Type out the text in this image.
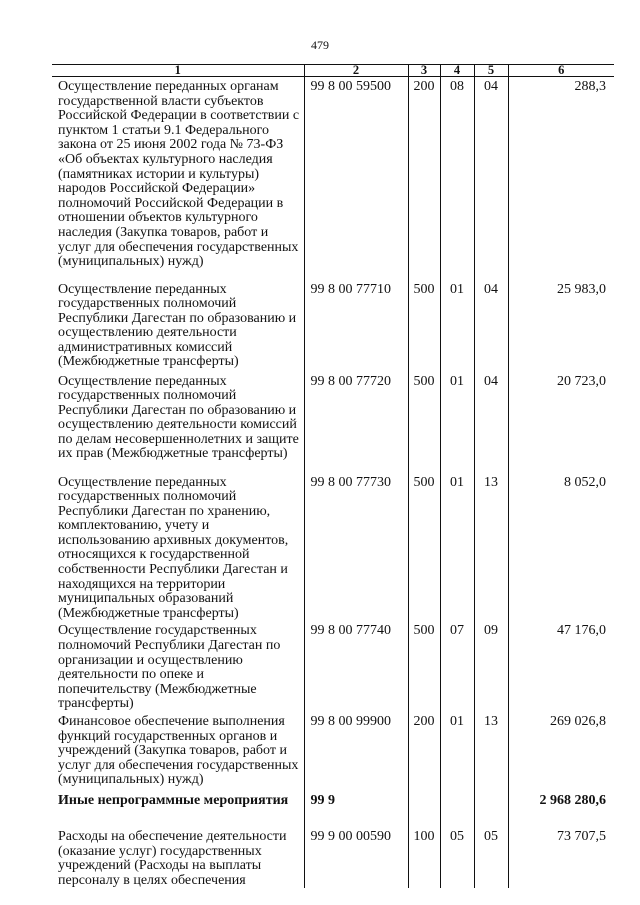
479
1	2	3	4	5	6
Осуществление переданных органам государственной власти субъектов Российской Федерации в соответствии с пунктом 1 статьи 9.1 Федерального закона от 25 июня 2002 года № 73-ФЗ «Об объектах культурного наследия (памятниках истории и культуры) народов Российской Федерации» полномочий Российской Федерации в отношении объектов культурного наследия (Закупка товаров, работ и услуг для обеспечения государственных (муниципальных) нужд)	99 8 00 59500	200	08	04	288,3
Осуществление переданных государственных полномочий Республики Дагестан по образованию и осуществлению деятельности административных комиссий (Межбюджетные трансферты)	99 8 00 77710	500	01	04	25 983,0
Осуществление переданных государственных полномочий Республики Дагестан по образованию и осуществлению деятельности комиссий по делам несовершеннолетних и защите их прав (Межбюджетные трансферты)	99 8 00 77720	500	01	04	20 723,0
Осуществление переданных государственных полномочий Республики Дагестан по хранению, комплектованию, учету и использованию архивных документов, относящихся к государственной собственности Республики Дагестан и находящихся на территории муниципальных образований (Межбюджетные трансферты)	99 8 00 77730	500	01	13	8 052,0
Осуществление государственных полномочий Республики Дагестан по организации и осуществлению деятельности по опеке и попечительству (Межбюджетные трансферты)	99 8 00 77740	500	07	09	47 176,0
Финансовое обеспечение выполнения функций государственных органов и учреждений (Закупка товаров, работ и услуг для обеспечения государственных (муниципальных) нужд)	99 8 00 99900	200	01	13	269 026,8
Иные непрограммные мероприятия	99 9				2 968 280,6
Расходы на обеспечение деятельности (оказание услуг) государственных учреждений (Расходы на выплаты персоналу в целях обеспечения	99 9 00 00590	100	05	05	73 707,5
